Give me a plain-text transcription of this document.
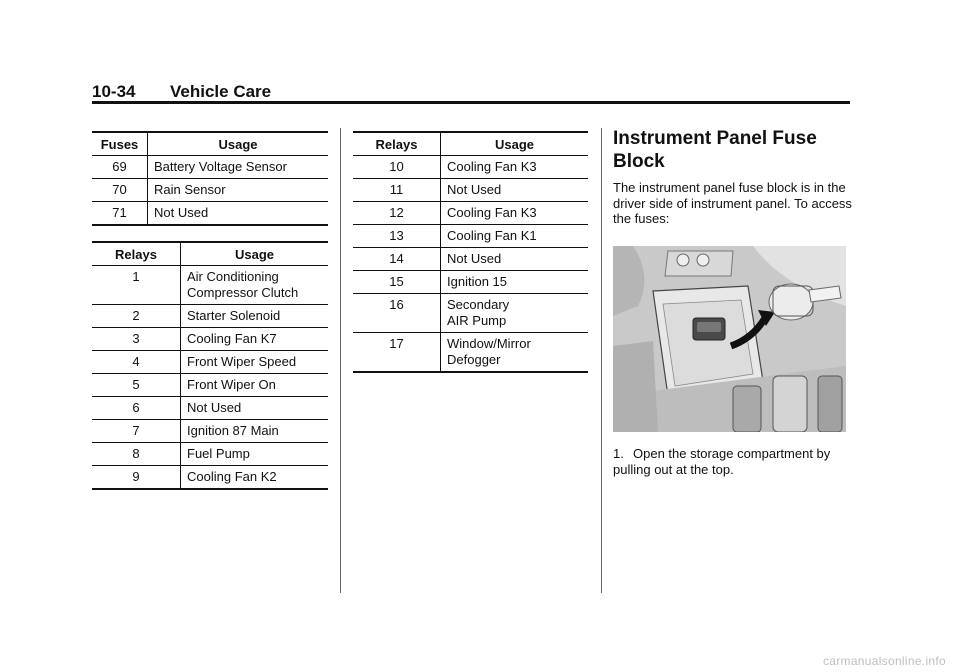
10-34 Vehicle Care
Fuses	Usage
69	Battery Voltage Sensor
70	Rain Sensor
71	Not Used
Relays	Usage
1	Air Conditioning
Compressor Clutch
2	Starter Solenoid
3	Cooling Fan K7
4	Front Wiper Speed
5	Front Wiper On
6	Not Used
7	Ignition 87 Main
8	Fuel Pump
9	Cooling Fan K2
Relays	Usage
10	Cooling Fan K3
11	Not Used
12	Cooling Fan K3
13	Cooling Fan K1
14	Not Used
15	Ignition 15
16	Secondary
AIR Pump
17	Window/Mirror
Defogger
Instrument Panel Fuse Block
The instrument panel fuse block is in the driver side of instrument panel. To access the fuses:
1. Open the storage compartment by pulling out at the top.
carmanualsonline.info
